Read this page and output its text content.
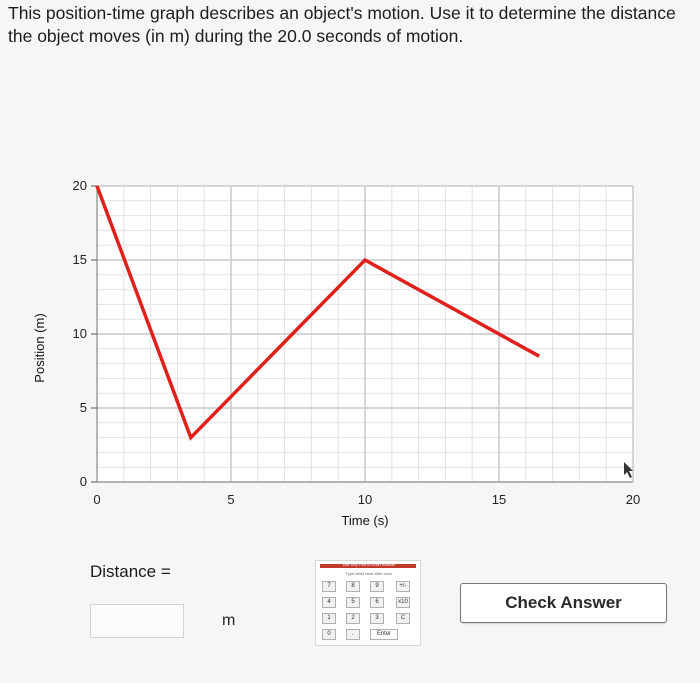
This position-time graph describes an object's motion. Use it to determine the distance the object moves (in m) during the 20.0 seconds of motion.

0
5
10
15
20
0	5	10	15	20
Time (s)
Position (m)
Distance =
m
Use Key Pad to Enter Answer
Type letter here after done
7	8	9	+/-
4	5	6	x10
1	2	3	C
0	.	Enter
Check Answer
